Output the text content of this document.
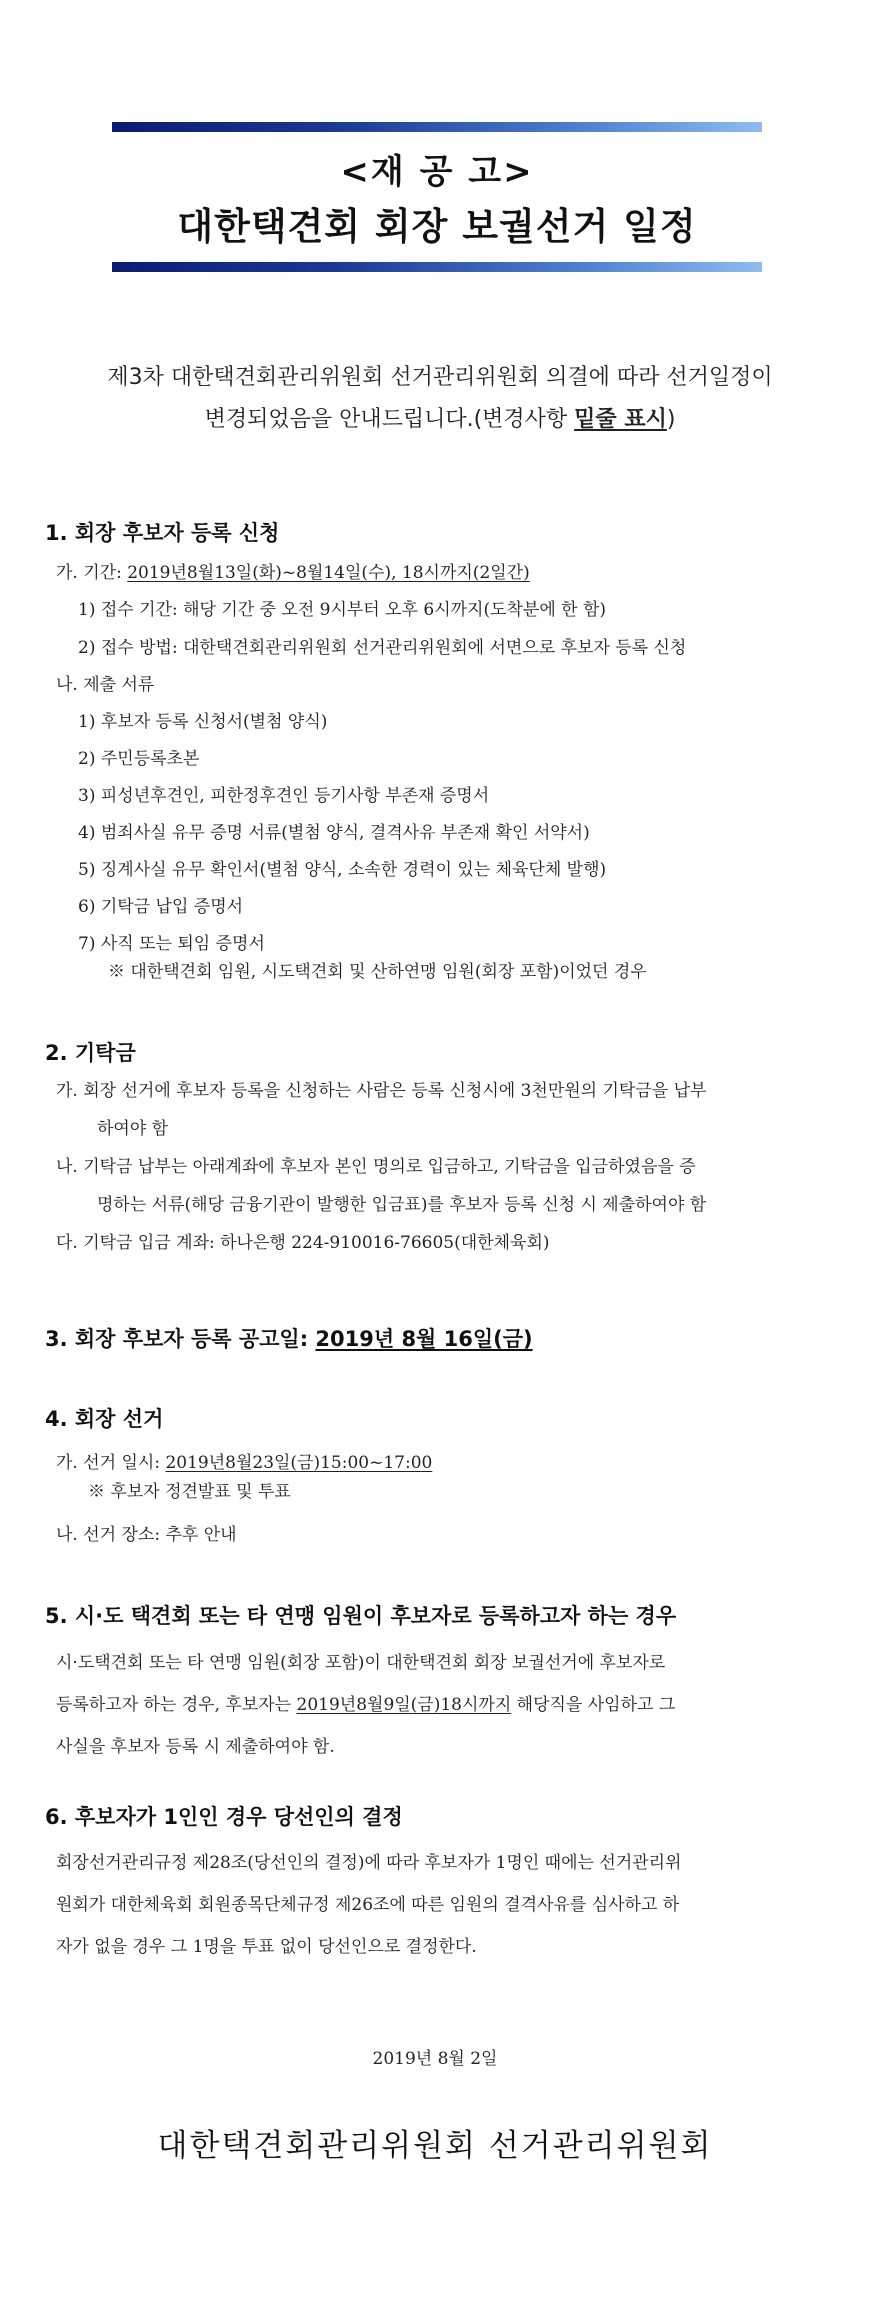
<재 공 고>
대한택견회 회장 보궐선거 일정
제3차 대한택견회관리위원회 선거관리위원회 의결에 따라 선거일정이
변경되었음을 안내드립니다.(변경사항 밑줄 표시)
1. 회장 후보자 등록 신청
가. 기간: 2019년8월13일(화)~8월14일(수), 18시까지(2일간)
1) 접수 기간: 해당 기간 중 오전 9시부터 오후 6시까지(도착분에 한 함)
2) 접수 방법: 대한택견회관리위원회 선거관리위원회에 서면으로 후보자 등록 신청
나. 제출 서류
1) 후보자 등록 신청서(별첨 양식)
2) 주민등록초본
3) 피성년후견인, 피한정후견인 등기사항 부존재 증명서
4) 범죄사실 유무 증명 서류(별첨 양식, 결격사유 부존재 확인 서약서)
5) 징계사실 유무 확인서(별첨 양식, 소속한 경력이 있는 체육단체 발행)
6) 기탁금 납입 증명서
7) 사직 또는 퇴임 증명서
※ 대한택견회 임원, 시도택견회 및 산하연맹 임원(회장 포함)이었던 경우
2. 기탁금
가. 회장 선거에 후보자 등록을 신청하는 사람은 등록 신청시에 3천만원의 기탁금을 납부
하여야 함
나. 기탁금 납부는 아래계좌에 후보자 본인 명의로 입금하고, 기탁금을 입금하였음을 증
명하는 서류(해당 금융기관이 발행한 입금표)를 후보자 등록 신청 시 제출하여야 함
다. 기탁금 입금 계좌: 하나은행 224-910016-76605(대한체육회)
3. 회장 후보자 등록 공고일: 2019년 8월 16일(금)
4. 회장 선거
가. 선거 일시: 2019년8월23일(금)15:00~17:00
※ 후보자 정견발표 및 투표
나. 선거 장소: 추후 안내
5. 시·도 택견회 또는 타 연맹 임원이 후보자로 등록하고자 하는 경우
시·도택견회 또는 타 연맹 임원(회장 포함)이 대한택견회 회장 보궐선거에 후보자로
등록하고자 하는 경우, 후보자는 2019년8월9일(금)18시까지 해당직을 사임하고 그
사실을 후보자 등록 시 제출하여야 함.
6. 후보자가 1인인 경우 당선인의 결정
회장선거관리규정 제28조(당선인의 결정)에 따라 후보자가 1명인 때에는 선거관리위
원회가 대한체육회 회원종목단체규정 제26조에 따른 임원의 결격사유를 심사하고 하
자가 없을 경우 그 1명을 투표 없이 당선인으로 결정한다.
2019년 8월 2일
대한택견회관리위원회 선거관리위원회
